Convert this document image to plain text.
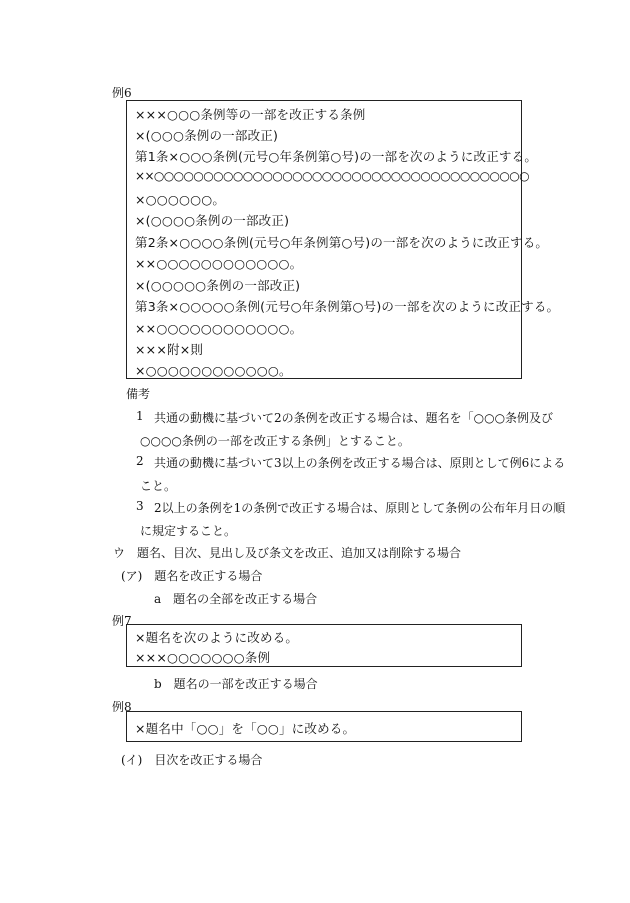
例6
×××○○○条例等の一部を改正する条例
×(○○○条例の一部改正)
第1条×○○○条例(元号○年条例第○号)の一部を次のように改正する。
××○○○○○○○○○○○○○○○○○○○○○○○○○○○○○○○○○○○○○○
×○○○○○○。
×(○○○○条例の一部改正)
第2条×○○○○条例(元号○年条例第○号)の一部を次のように改正する。
××○○○○○○○○○○○○。
×(○○○○○条例の一部改正)
第3条×○○○○○条例(元号○年条例第○号)の一部を次のように改正する。
××○○○○○○○○○○○○。
×××附×則
×○○○○○○○○○○○○。
備考
1 共通の動機に基づいて2の条例を改正する場合は、題名を「○○○条例及び
○○○○条例の一部を改正する条例」とすること。
2 共通の動機に基づいて3以上の条例を改正する場合は、原則として例6による
こと。
3 2以上の条例を1の条例で改正する場合は、原則として条例の公布年月日の順
に規定すること。
ウ　題名、目次、見出し及び条文を改正、追加又は削除する場合
(ア)　題名を改正する場合
a　題名の全部を改正する場合
例7
×題名を次のように改める。
×××○○○○○○○条例
b　題名の一部を改正する場合
例8
×題名中「○○」を「○○」に改める。
(イ)　目次を改正する場合
